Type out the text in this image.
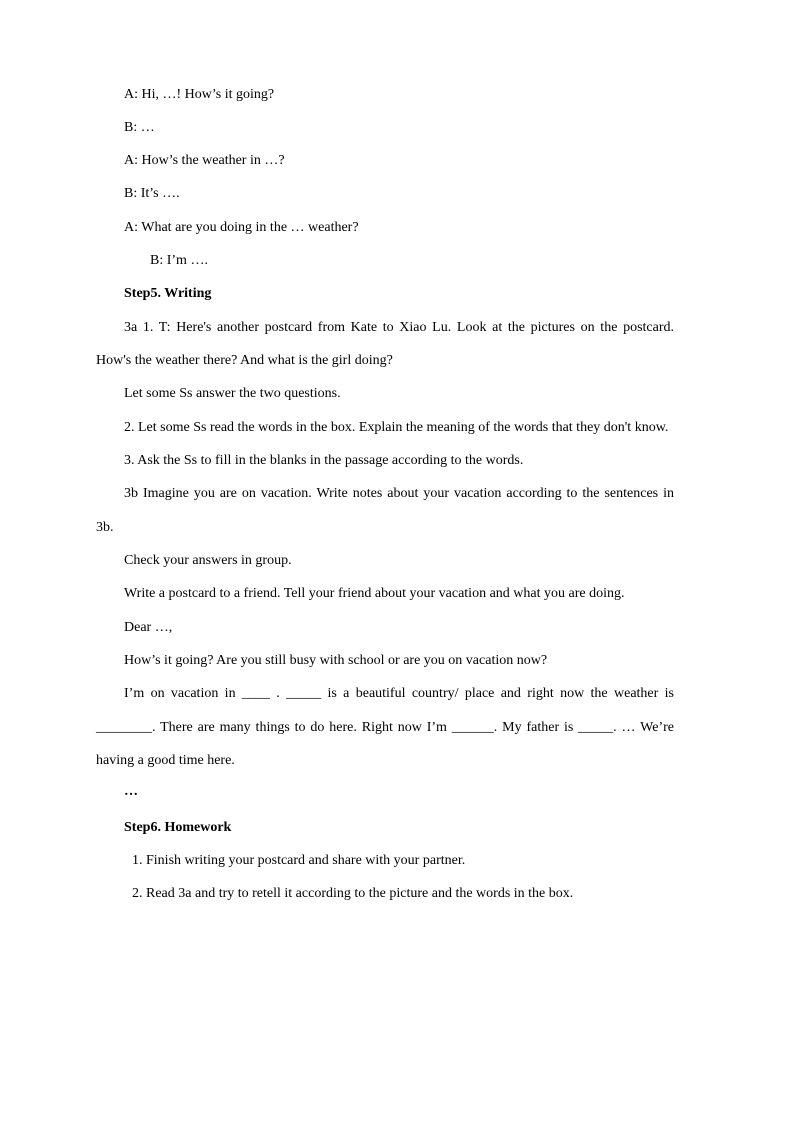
A: Hi, …! How’s it going?

B: …

A: How’s the weather in …?

B: It’s ….

A: What are you doing in the … weather?

B: I’m ….

Step5. Writing

3a 1. T: Here's another postcard from Kate to Xiao Lu. Look at the pictures on the postcard.

How's the weather there? And what is the girl doing?

Let some Ss answer the two questions.

2. Let some Ss read the words in the box. Explain the meaning of the words that they don't know.

3. Ask the Ss to fill in the blanks in the passage according to the words.

3b Imagine you are on vacation. Write notes about your vacation according to the sentences in

3b.

Check your answers in group.

Write a postcard to a friend. Tell your friend about your vacation and what you are doing.

Dear …,

How’s it going? Are you still busy with school or are you on vacation now?

I’m on vacation in ____ . _____ is a beautiful country/ place and right now the weather is

________. There are many things to do here. Right now I’m ______. My father is _____. … We’re

having a good time here.

…

Step6. Homework

1. Finish writing your postcard and share with your partner.

2. Read 3a and try to retell it according to the picture and the words in the box.
